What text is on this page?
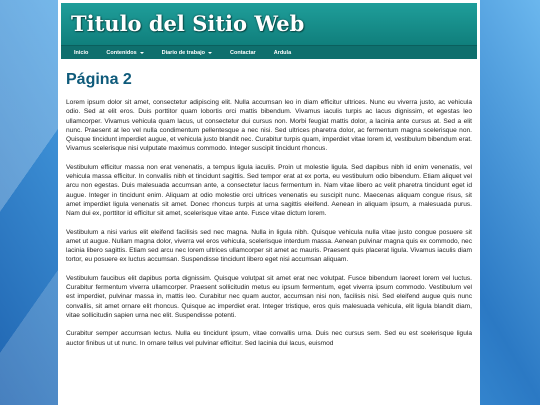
Titulo del Sitio Web
Inicio	Contenidos	Diario de trabajo	Contactar	Ardula
Página 2

Lorem ipsum dolor sit amet, consectetur adipiscing elit. Nulla accumsan leo in diam efficitur ultrices. Nunc eu viverra justo, ac vehicula odio. Sed at elit eros. Duis porttitor quam lobortis orci mattis bibendum. Vivamus iaculis turpis ac lacus dignissim, et egestas leo ullamcorper. Vivamus vehicula quam lacus, ut consectetur dui cursus non. Morbi feugiat mattis dolor, a lacinia ante cursus at. Sed a elit nunc. Praesent at leo vel nulla condimentum pellentesque a nec nisi. Sed ultrices pharetra dolor, ac fermentum magna scelerisque non. Quisque tincidunt imperdiet augue, et vehicula justo blandit nec. Curabitur turpis quam, imperdiet vitae lorem id, vestibulum bibendum erat. Vivamus scelerisque nisi vulputate maximus commodo. Integer suscipit tincidunt rhoncus.

Vestibulum efficitur massa non erat venenatis, a tempus ligula iaculis. Proin ut molestie ligula. Sed dapibus nibh id enim venenatis, vel vehicula massa efficitur. In convallis nibh et tincidunt sagittis. Sed tempor erat at ex porta, eu vestibulum odio bibendum. Etiam aliquet vel arcu non egestas. Duis malesuada accumsan ante, a consectetur lacus fermentum in. Nam vitae libero ac velit pharetra tincidunt eget id augue. Integer in tincidunt enim. Aliquam at odio molestie orci ultrices venenatis eu suscipit nunc. Maecenas aliquam congue risus, sit amet imperdiet ligula venenatis sit amet. Donec rhoncus turpis at urna sagittis eleifend. Aenean in aliquam ipsum, a malesuada purus. Nam dui ex, porttitor id efficitur sit amet, scelerisque vitae ante. Fusce vitae dictum lorem.

Vestibulum a nisi varius elit eleifend facilisis sed nec magna. Nulla in ligula nibh. Quisque vehicula nulla vitae justo congue posuere sit amet ut augue. Nullam magna dolor, viverra vel eros vehicula, scelerisque interdum massa. Aenean pulvinar magna quis ex commodo, nec lacinia libero sagittis. Etiam sed arcu nec lorem ultrices ullamcorper sit amet ac mauris. Praesent quis placerat ligula. Vivamus iaculis diam tortor, eu posuere ex luctus accumsan. Suspendisse tincidunt libero eget nisi accumsan aliquam.

Vestibulum faucibus elit dapibus porta dignissim. Quisque volutpat sit amet erat nec volutpat. Fusce bibendum laoreet lorem vel luctus. Curabitur fermentum viverra ullamcorper. Praesent sollicitudin metus eu ipsum fermentum, eget viverra ipsum commodo. Vestibulum vel est imperdiet, pulvinar massa in, mattis leo. Curabitur nec quam auctor, accumsan nisi non, facilisis nisi. Sed eleifend augue quis nunc convallis, sit amet ornare elit rhoncus. Quisque ac imperdiet erat. Integer tristique, eros quis malesuada vehicula, elit ligula blandit diam, vitae sollicitudin sapien urna nec elit. Suspendisse potenti.

Curabitur semper accumsan lectus. Nulla eu tincidunt ipsum, vitae convallis urna. Duis nec cursus sem. Sed eu est scelerisque ligula auctor finibus ut ut nunc. In ornare tellus vel pulvinar efficitur. Sed lacinia dui lacus, euismod
